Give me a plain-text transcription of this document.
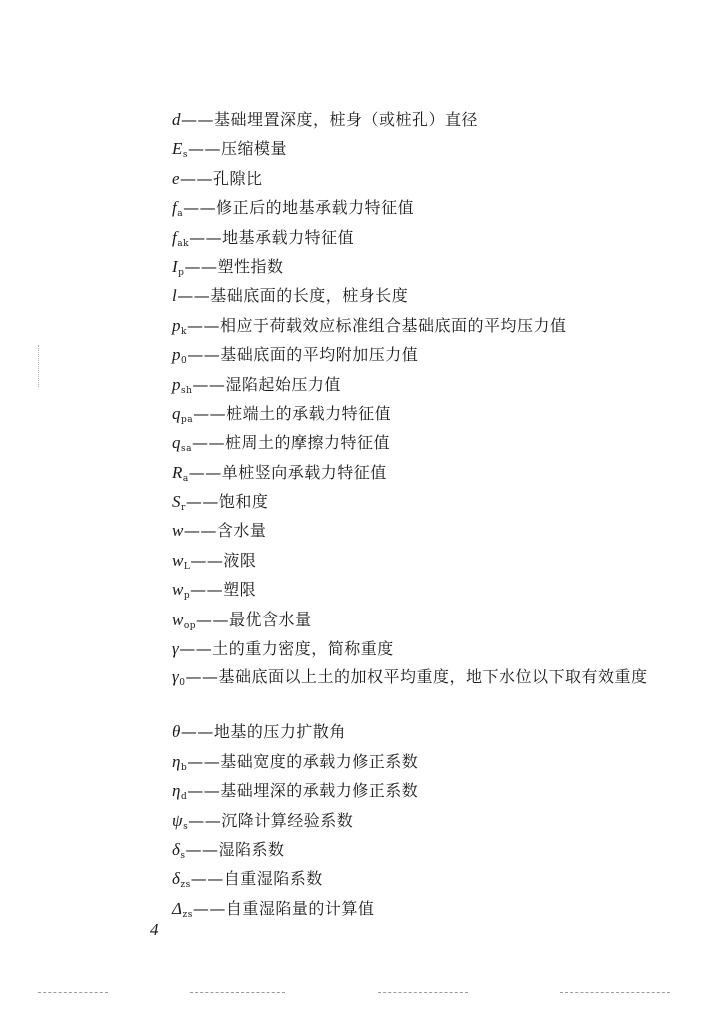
d——基础埋置深度，桩身（或桩孔）直径
$E_s——$压缩模量
e——孔隙比
$f_a——$修正后的地基承载力特征值
$f_{ak}——$地基承载力特征值
$I_p——$塑性指数
l——基础底面的长度，桩身长度
$p_k——$相应于荷载效应标准组合基础底面的平均压力值
$p_0——$基础底面的平均附加压力值
$p_{sh}——$湿陷起始压力值
$q_{pa}——$桩端土的承载力特征值
$q_{sa}——$桩周土的摩擦力特征值
$R_a——$单桩竖向承载力特征值
$S_r——$饱和度
w——含水量
$w_L——$液限
$w_p——$塑限
$w_{op}——$最优含水量
γ——土的重力密度，简称重度
$\gamma_0——$基础底面以上土的加权平均重度，地下水位以下取有效重度
θ——地基的压力扩散角
$\eta_b——$基础宽度的承载力修正系数
$\eta_d——$基础埋深的承载力修正系数
$\psi_s——$沉降计算经验系数
$\delta_s——$湿陷系数
$\delta_{zs}——$自重湿陷系数
$\Delta_{zs}——$自重湿陷量的计算值
4
